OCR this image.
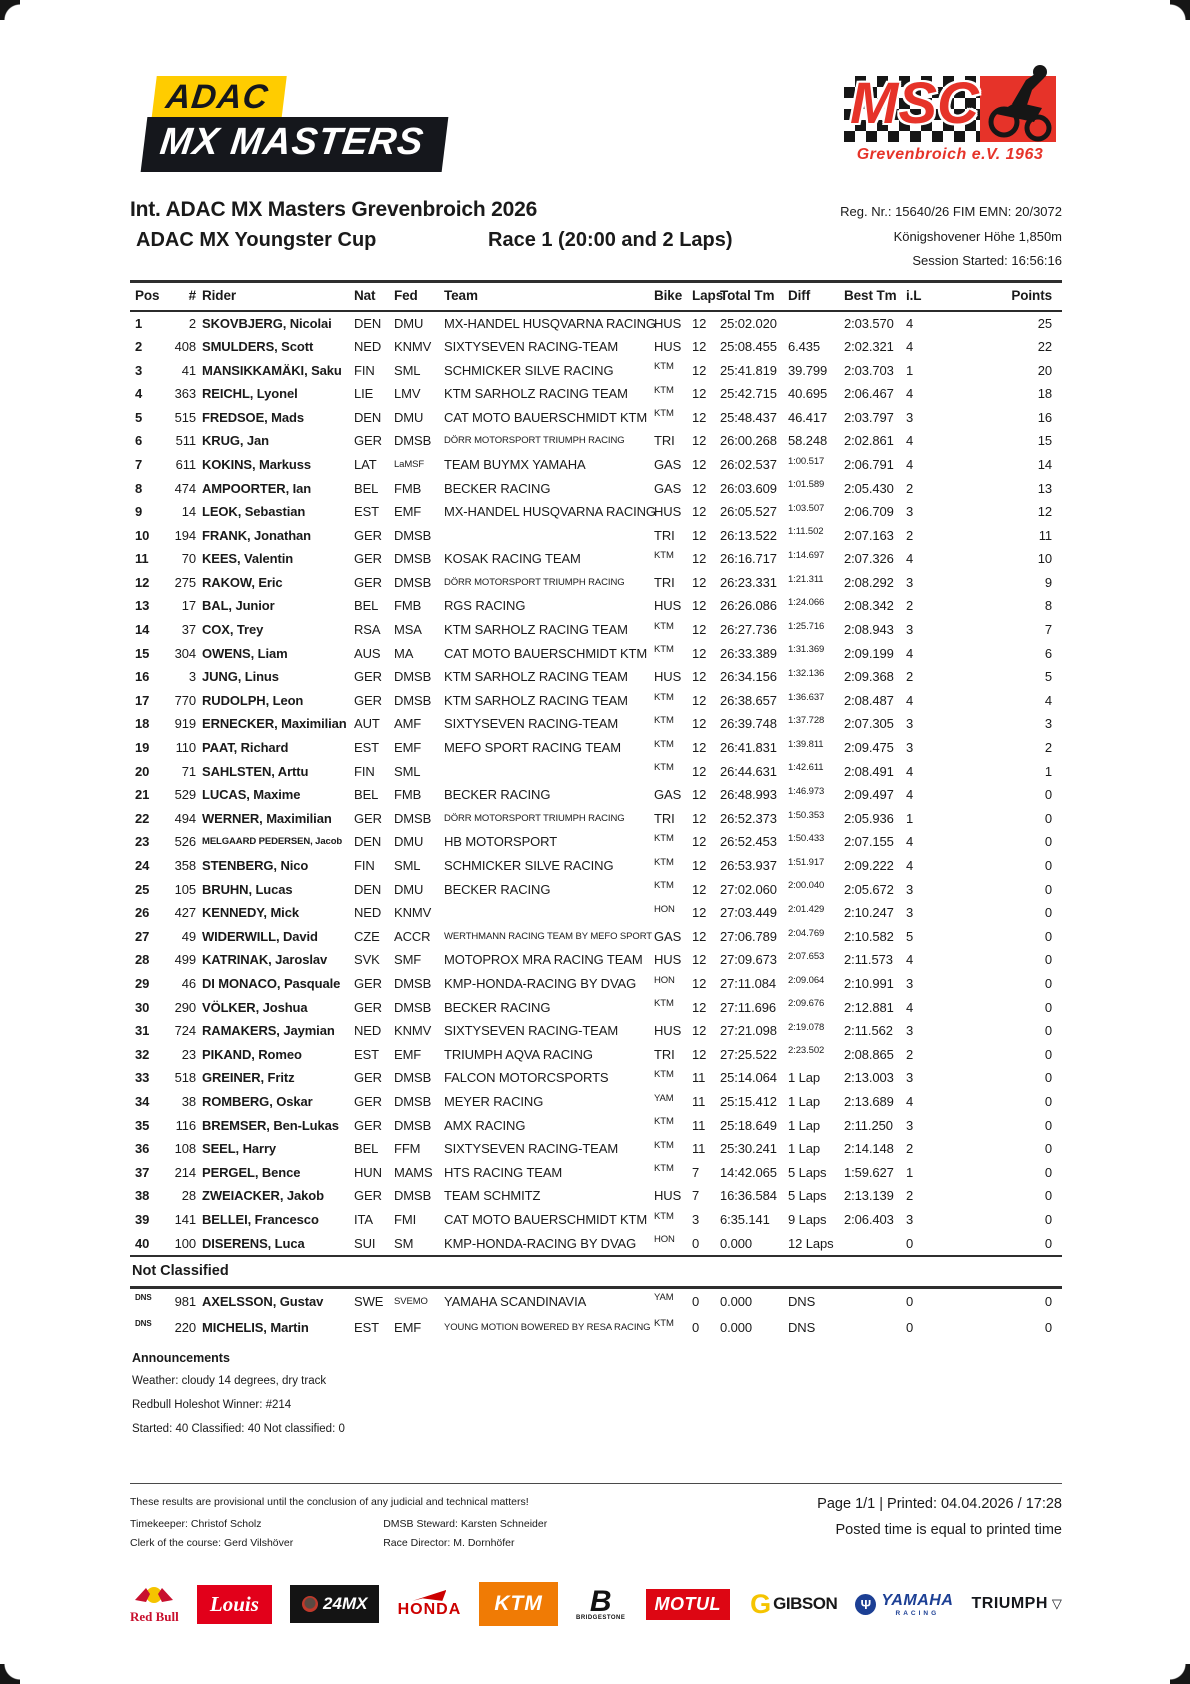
ADAC
MX MASTERS
MSC
Grevenbroich e.V. 1963
Int. ADAC MX Masters Grevenbroich 2026
ADAC MX Youngster Cup	Race 1 (20:00 and 2 Laps)
Reg. Nr.: 15640/26 FIM EMN: 20/3072
Königshovener Höhe 1,850m
Session Started: 16:56:16
Pos	#	Rider	Nat	Fed	Team	Bike	Laps	Total Tm	Diff	Best Tm	i.L	Points
1	2	SKOVBJERG, Nicolai	DEN	DMU	MX-HANDEL HUSQVARNA RACING	HUS	12	25:02.020		2:03.570	4	25
2	408	SMULDERS, Scott	NED	KNMV	SIXTYSEVEN RACING-TEAM	HUS	12	25:08.455	6.435	2:02.321	4	22
3	41	MANSIKKAMÄKI, Saku	FIN	SML	SCHMICKER SILVE RACING	KTM	12	25:41.819	39.799	2:03.703	1	20
4	363	REICHL, Lyonel	LIE	LMV	KTM SARHOLZ RACING TEAM	KTM	12	25:42.715	40.695	2:06.467	4	18
5	515	FREDSOE, Mads	DEN	DMU	CAT MOTO BAUERSCHMIDT KTM	KTM	12	25:48.437	46.417	2:03.797	3	16
6	511	KRUG, Jan	GER	DMSB	DÖRR MOTORSPORT TRIUMPH RACING	TRI	12	26:00.268	58.248	2:02.861	4	15
7	611	KOKINS, Markuss	LAT	LaMSF	TEAM BUYMX YAMAHA	GAS	12	26:02.537	1:00.517	2:06.791	4	14
8	474	AMPOORTER, Ian	BEL	FMB	BECKER RACING	GAS	12	26:03.609	1:01.589	2:05.430	2	13
9	14	LEOK, Sebastian	EST	EMF	MX-HANDEL HUSQVARNA RACING	HUS	12	26:05.527	1:03.507	2:06.709	3	12
10	194	FRANK, Jonathan	GER	DMSB		TRI	12	26:13.522	1:11.502	2:07.163	2	11
11	70	KEES, Valentin	GER	DMSB	KOSAK RACING TEAM	KTM	12	26:16.717	1:14.697	2:07.326	4	10
12	275	RAKOW, Eric	GER	DMSB	DÖRR MOTORSPORT TRIUMPH RACING	TRI	12	26:23.331	1:21.311	2:08.292	3	9
13	17	BAL, Junior	BEL	FMB	RGS RACING	HUS	12	26:26.086	1:24.066	2:08.342	2	8
14	37	COX, Trey	RSA	MSA	KTM SARHOLZ RACING TEAM	KTM	12	26:27.736	1:25.716	2:08.943	3	7
15	304	OWENS, Liam	AUS	MA	CAT MOTO BAUERSCHMIDT KTM	KTM	12	26:33.389	1:31.369	2:09.199	4	6
16	3	JUNG, Linus	GER	DMSB	KTM SARHOLZ RACING TEAM	HUS	12	26:34.156	1:32.136	2:09.368	2	5
17	770	RUDOLPH, Leon	GER	DMSB	KTM SARHOLZ RACING TEAM	KTM	12	26:38.657	1:36.637	2:08.487	4	4
18	919	ERNECKER, Maximilian	AUT	AMF	SIXTYSEVEN RACING-TEAM	KTM	12	26:39.748	1:37.728	2:07.305	3	3
19	110	PAAT, Richard	EST	EMF	MEFO SPORT RACING TEAM	KTM	12	26:41.831	1:39.811	2:09.475	3	2
20	71	SAHLSTEN, Arttu	FIN	SML		KTM	12	26:44.631	1:42.611	2:08.491	4	1
21	529	LUCAS, Maxime	BEL	FMB	BECKER RACING	GAS	12	26:48.993	1:46.973	2:09.497	4	0
22	494	WERNER, Maximilian	GER	DMSB	DÖRR MOTORSPORT TRIUMPH RACING	TRI	12	26:52.373	1:50.353	2:05.936	1	0
23	526	MELGAARD PEDERSEN, Jacob	DEN	DMU	HB MOTORSPORT	KTM	12	26:52.453	1:50.433	2:07.155	4	0
24	358	STENBERG, Nico	FIN	SML	SCHMICKER SILVE RACING	KTM	12	26:53.937	1:51.917	2:09.222	4	0
25	105	BRUHN, Lucas	DEN	DMU	BECKER RACING	KTM	12	27:02.060	2:00.040	2:05.672	3	0
26	427	KENNEDY, Mick	NED	KNMV		HON	12	27:03.449	2:01.429	2:10.247	3	0
27	49	WIDERWILL, David	CZE	ACCR	WERTHMANN RACING TEAM BY MEFO SPORT	GAS	12	27:06.789	2:04.769	2:10.582	5	0
28	499	KATRINAK, Jaroslav	SVK	SMF	MOTOPROX MRA RACING TEAM	HUS	12	27:09.673	2:07.653	2:11.573	4	0
29	46	DI MONACO, Pasquale	GER	DMSB	KMP-HONDA-RACING BY DVAG	HON	12	27:11.084	2:09.064	2:10.991	3	0
30	290	VÖLKER, Joshua	GER	DMSB	BECKER RACING	KTM	12	27:11.696	2:09.676	2:12.881	4	0
31	724	RAMAKERS, Jaymian	NED	KNMV	SIXTYSEVEN RACING-TEAM	HUS	12	27:21.098	2:19.078	2:11.562	3	0
32	23	PIKAND, Romeo	EST	EMF	TRIUMPH AQVA RACING	TRI	12	27:25.522	2:23.502	2:08.865	2	0
33	518	GREINER, Fritz	GER	DMSB	FALCON MOTORCSPORTS	KTM	11	25:14.064	1 Lap	2:13.003	3	0
34	38	ROMBERG, Oskar	GER	DMSB	MEYER RACING	YAM	11	25:15.412	1 Lap	2:13.689	4	0
35	116	BREMSER, Ben-Lukas	GER	DMSB	AMX RACING	KTM	11	25:18.649	1 Lap	2:11.250	3	0
36	108	SEEL, Harry	BEL	FFM	SIXTYSEVEN RACING-TEAM	KTM	11	25:30.241	1 Lap	2:14.148	2	0
37	214	PERGEL, Bence	HUN	MAMS	HTS RACING TEAM	KTM	7	14:42.065	5 Laps	1:59.627	1	0
38	28	ZWEIACKER, Jakob	GER	DMSB	TEAM SCHMITZ	HUS	7	16:36.584	5 Laps	2:13.139	2	0
39	141	BELLEI, Francesco	ITA	FMI	CAT MOTO BAUERSCHMIDT KTM	KTM	3	6:35.141	9 Laps	2:06.403	3	0
40	100	DISERENS, Luca	SUI	SM	KMP-HONDA-RACING BY DVAG	HON	0	0.000	12 Laps		0	0
Not Classified
DNS	981	AXELSSON, Gustav	SWE	SVEMO	YAMAHA SCANDINAVIA	YAM	0	0.000	DNS		0	0
DNS	220	MICHELIS, Martin	EST	EMF	YOUNG MOTION BOWERED BY RESA RACING	KTM	0	0.000	DNS		0	0
Announcements
Weather: cloudy 14 degrees, dry track
Redbull Holeshot Winner: #214
Started: 40 Classified: 40 Not classified: 0
These results are provisional until the conclusion of any judicial and technical matters!
Timekeeper: Christof Scholz
Clerk of the course: Gerd Vilshöver
DMSB Steward: Karsten Schneider
Race Director: M. Dornhöfer
Page 1/1 | Printed: 04.04.2026 / 17:28
Posted time is equal to printed time
Red Bull
Louis	24MX HONDA KTM B
BRIDGESTONE
MOTUL G GIBSON	Ψ YAMAHA
RACING
TRIUMPH ▽
